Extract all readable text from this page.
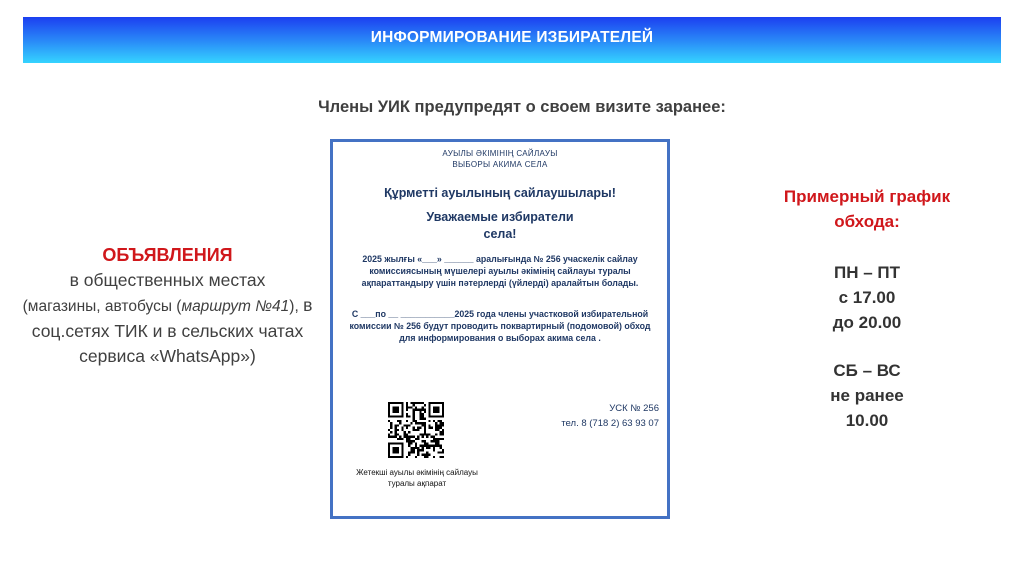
ИНФОРМИРОВАНИЕ ИЗБИРАТЕЛЕЙ
Члены УИК предупредят о своем визите заранее:
ОБЪЯВЛЕНИЯ
в общественных местах
(магазины, автобусы (маршрут №41), в соц.сетях ТИК и в сельских чатах сервиса «WhatsApp»)
АУЫЛЫ ӘКІМІНІҢ САЙЛАУЫ
ВЫБОРЫ АКИМА СЕЛА
Құрметті ауылының сайлаушылары!
Уважаемые избиратели
села!
2025 жылғы «___» ______ аралығында № 256 учаскелік сайлау комиссиясының мүшелері ауылы әкімінің сайлауы туралы ақпараттандыру үшін пәтерлерді (үйлерді) аралайтын болады.
С ___по __ ___________2025 года члены участковой избирательной комиссии № 256 будут проводить поквартирный (подомовой) обход для информирования о выборах акима села .
Жетекші ауылы әкімінің сайлауы туралы ақпарат
УСК № 256
тел. 8 (718 2) 63 93 07
Примерный график
обхода:
ПН – ПТ
с 17.00
до 20.00
СБ – ВС
не ранее
10.00
